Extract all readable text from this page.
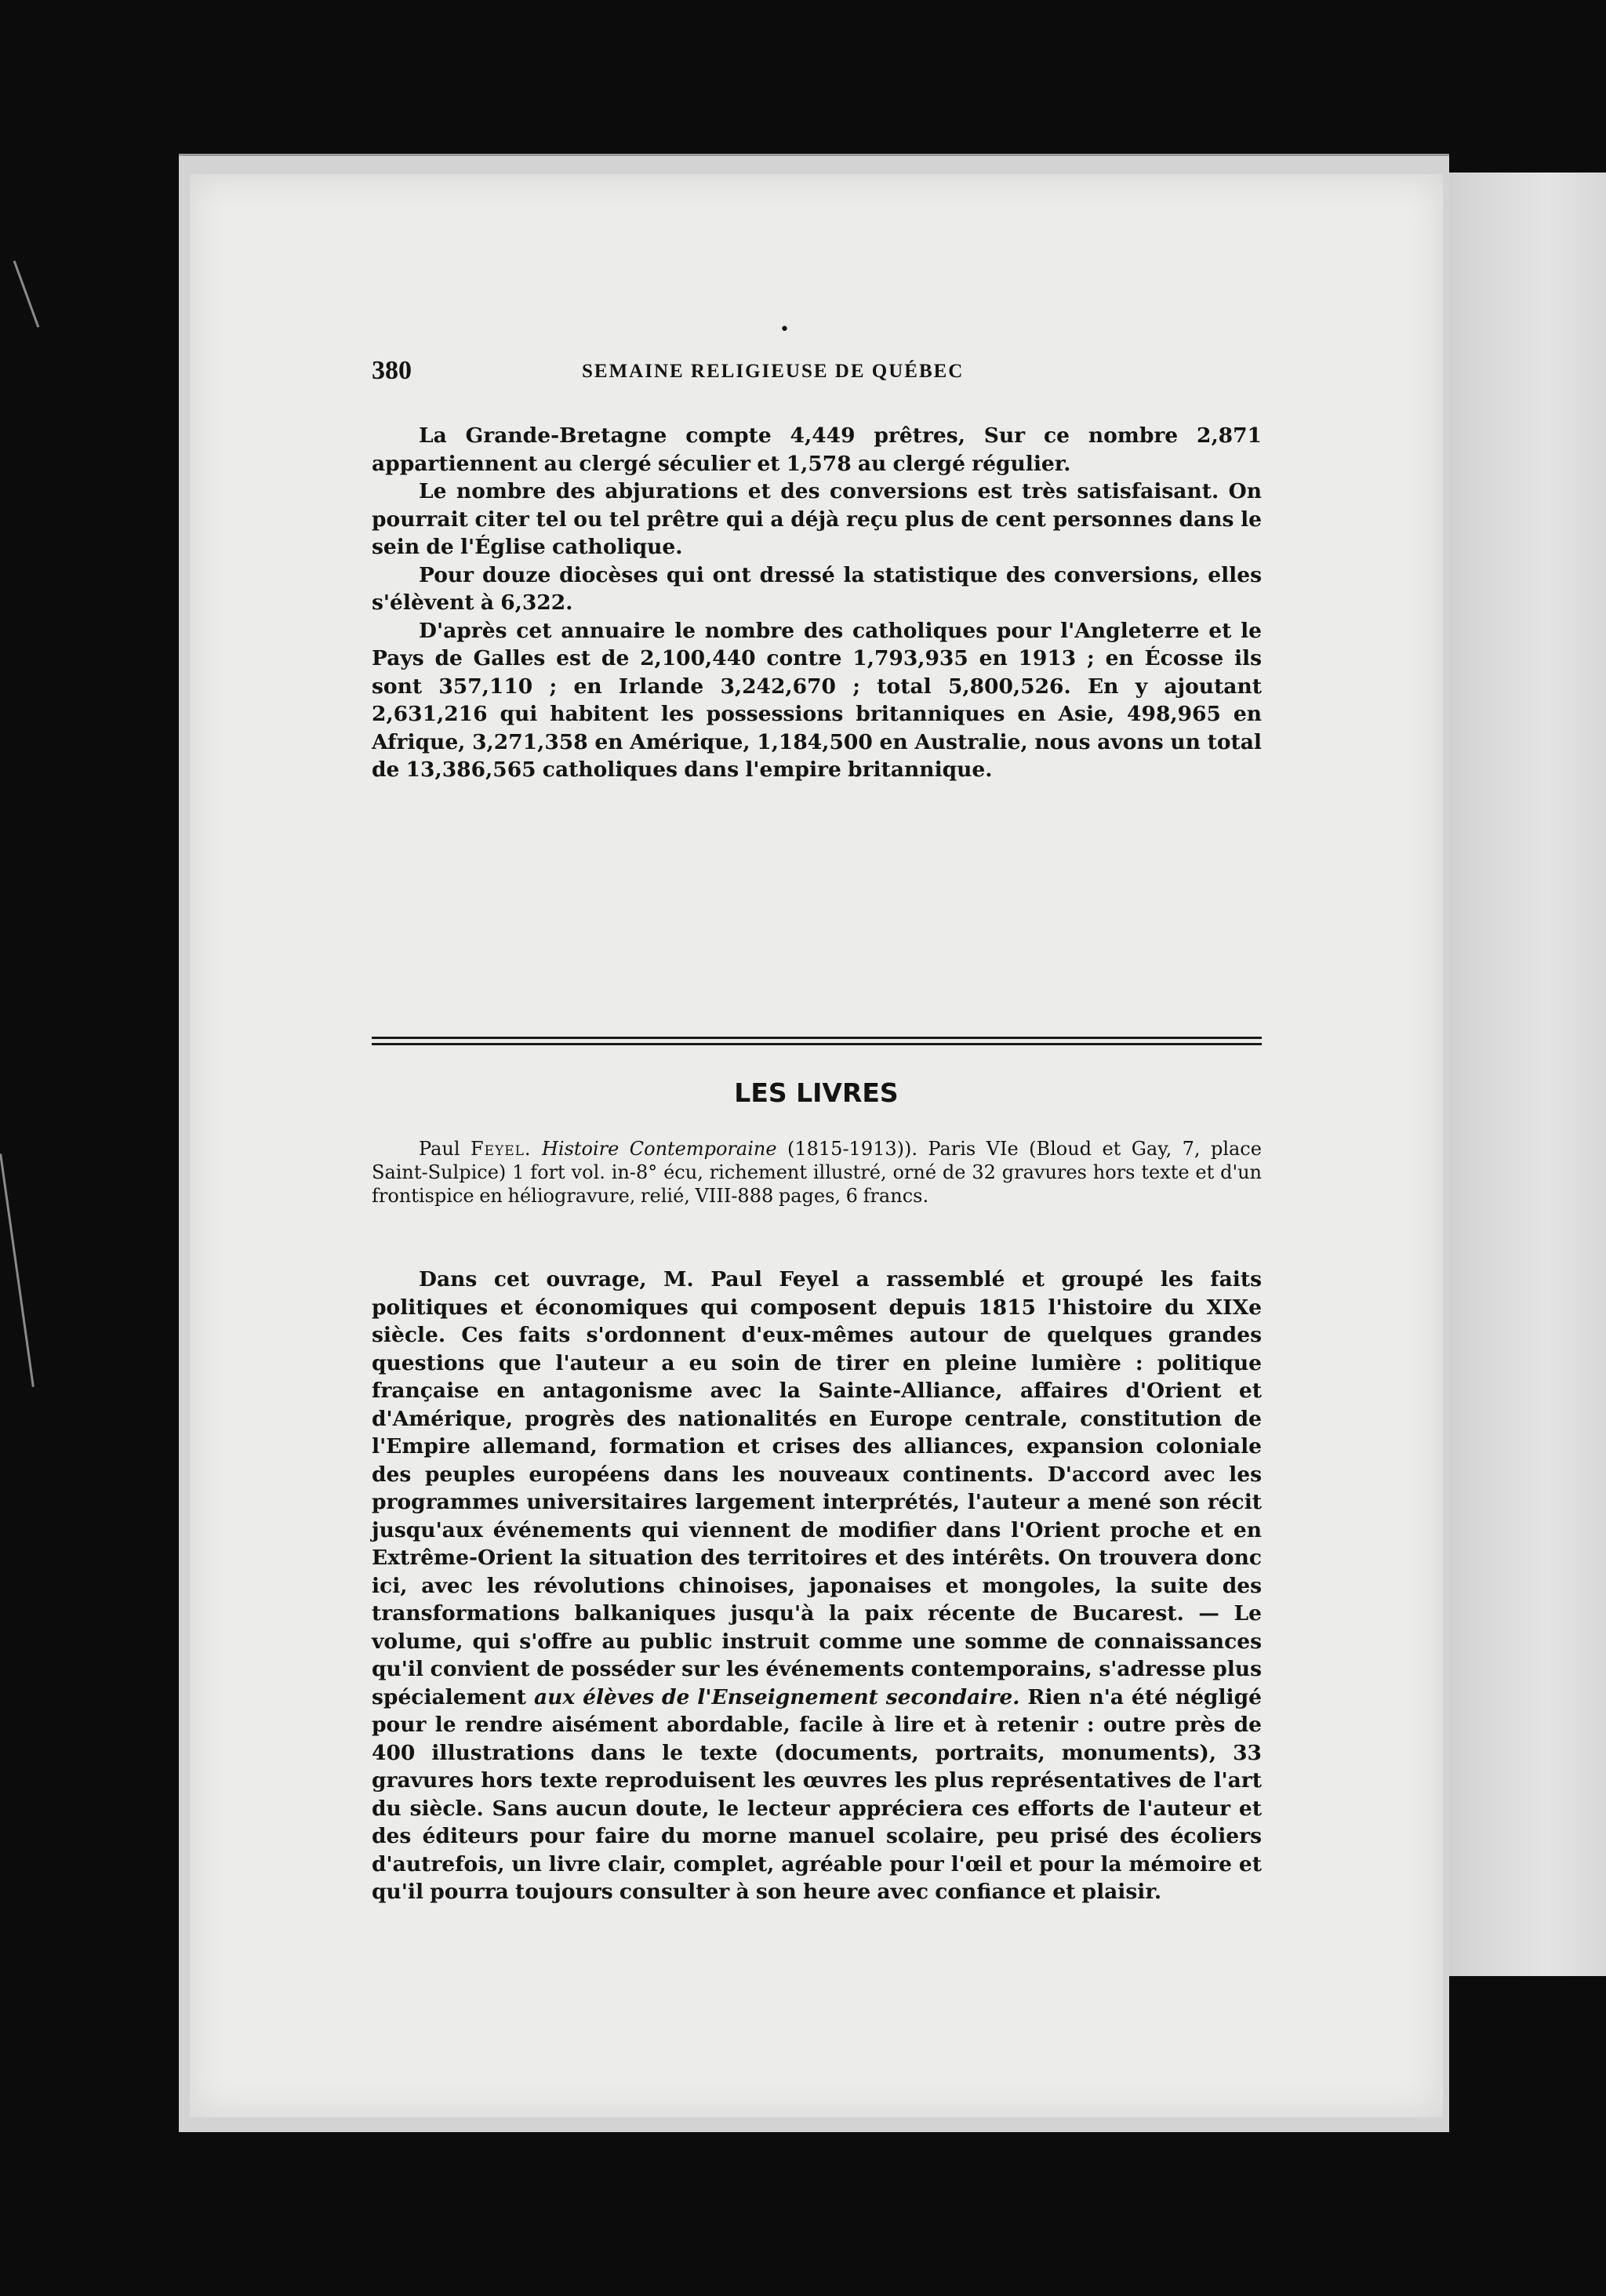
•
380	SEMAINE RELIGIEUSE DE QUÉBEC

La Grande-Bretagne compte 4,449 prêtres, Sur ce nombre 2,871 appartiennent au clergé séculier et 1,578 au clergé régulier.

Le nombre des abjurations et des conversions est très satisfaisant. On pourrait citer tel ou tel prêtre qui a déjà reçu plus de cent personnes dans le sein de l'Église catholique.

Pour douze diocèses qui ont dressé la statistique des conversions, elles s'élèvent à 6,322.

D'après cet annuaire le nombre des catholiques pour l'Angleterre et le Pays de Galles est de 2,100,440 contre 1,793,935 en 1913 ; en Écosse ils sont 357,110 ; en Irlande 3,242,670 ; total 5,800,526. En y ajoutant 2,631,216 qui habitent les possessions britanniques en Asie, 498,965 en Afrique, 3,271,358 en Amérique, 1,184,500 en Australie, nous avons un total de 13,386,565 catholiques dans l'empire britannique.

LES LIVRES
Paul Feyel. Histoire Contemporaine (1815-1913)). Paris VIe (Bloud et Gay, 7, place Saint-Sulpice) 1 fort vol. in-8° écu, richement illustré, orné de 32 gravures hors texte et d'un frontispice en héliogravure, relié, VIII-888 pages, 6 francs.

Dans cet ouvrage, M. Paul Feyel a rassemblé et groupé les faits politiques et économiques qui composent depuis 1815 l'histoire du XIXe siècle. Ces faits s'ordonnent d'eux-mêmes autour de quelques grandes questions que l'auteur a eu soin de tirer en pleine lumière : politique française en antagonisme avec la Sainte-Alliance, affaires d'Orient et d'Amérique, progrès des nationalités en Europe centrale, constitution de l'Empire allemand, formation et crises des alliances, expansion coloniale des peuples européens dans les nouveaux continents. D'accord avec les programmes universitaires largement interprétés, l'auteur a mené son récit jusqu'aux événements qui viennent de modifier dans l'Orient proche et en Extrême-Orient la situation des territoires et des intérêts. On trouvera donc ici, avec les révolutions chinoises, japonaises et mongoles, la suite des transformations balkaniques jusqu'à la paix récente de Bucarest. — Le volume, qui s'offre au public instruit comme une somme de connaissances qu'il convient de posséder sur les événements contemporains, s'adresse plus spécialement aux élèves de l'Enseignement secondaire. Rien n'a été négligé pour le rendre aisément abordable, facile à lire et à retenir : outre près de 400 illustrations dans le texte (documents, portraits, monuments), 33 gravures hors texte reproduisent les œuvres les plus représentatives de l'art du siècle. Sans aucun doute, le lecteur appréciera ces efforts de l'auteur et des éditeurs pour faire du morne manuel scolaire, peu prisé des écoliers d'autrefois, un livre clair, complet, agréable pour l'œil et pour la mémoire et qu'il pourra toujours consulter à son heure avec confiance et plaisir.
